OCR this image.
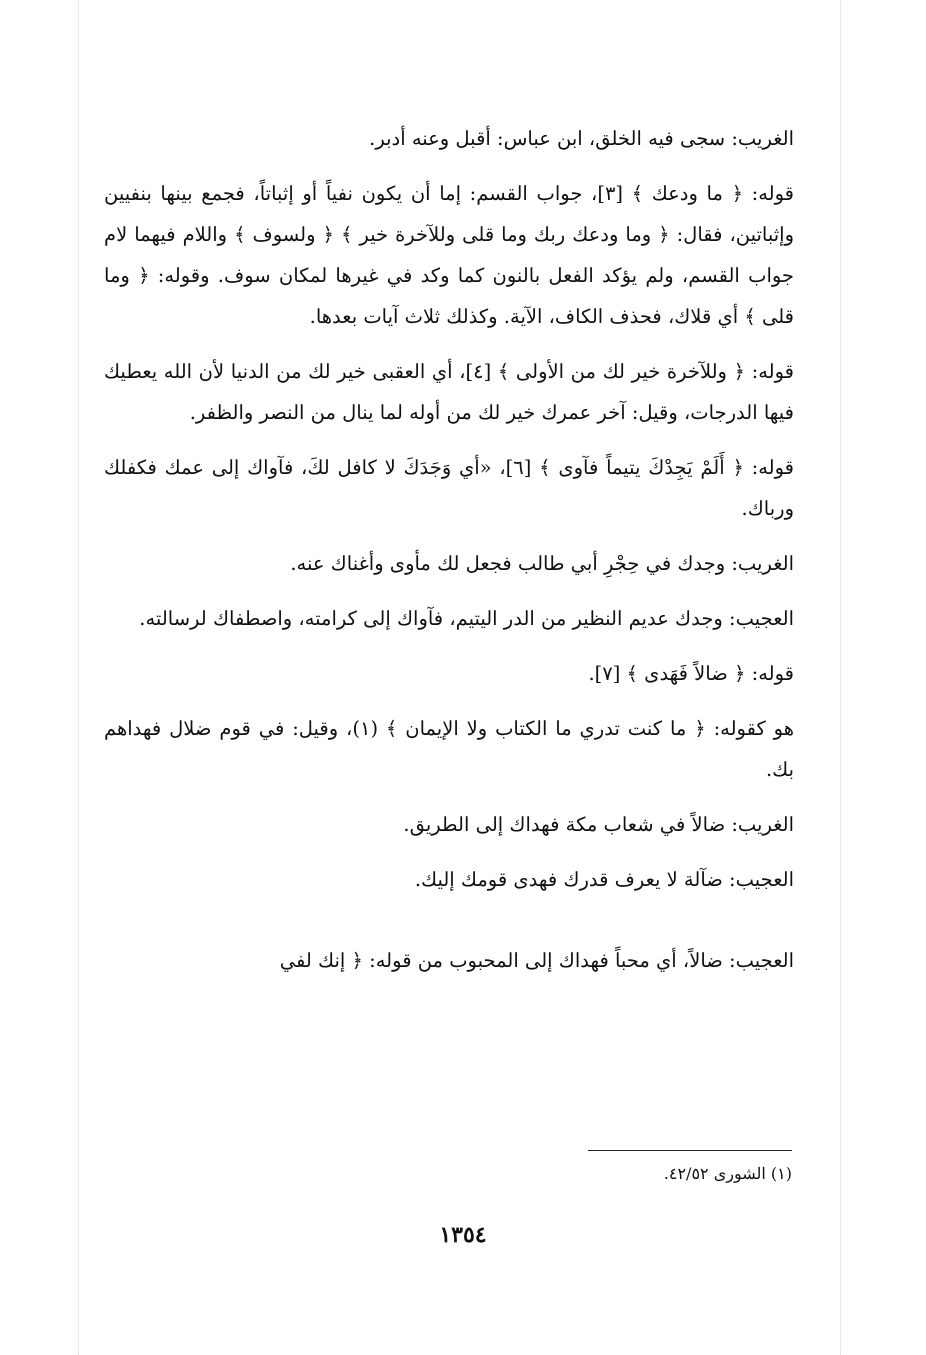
الغريب: سجى فيه الخلق، ابن عباس: أقبل وعنه أدبر.

قوله: ﴿ ما ودعك ﴾ [٣]، جواب القسم: إما أن يكون نفياً أو إثباتاً، فجمع بينها بنفيين وإثباتين، فقال: ﴿ وما ودعك ربك وما قلى وللآخرة خير ﴾ ﴿ ولسوف ﴾ واللام فيهما لام جواب القسم، ولم يؤكد الفعل بالنون كما وكد في غيرها لمكان سوف. وقوله: ﴿ وما قلى ﴾ أي قلاك، فحذف الكاف، الآية. وكذلك ثلاث آيات بعدها.

قوله: ﴿ وللآخرة خير لك من الأولى ﴾ [٤]، أي العقبى خير لك من الدنيا لأن الله يعطيك فيها الدرجات، وقيل: آخر عمرك خير لك من أوله لما ينال من النصر والظفر.

قوله: ﴿ أَلَمْ يَجِدْكَ يتيماً فآوى ﴾ [٦]، «أي وَجَدَكَ لا كافل لكَ، فآواك إلى عمك فكفلك ورباك.

الغريب: وجدك في حِجْرِ أبي طالب فجعل لك مأوى وأغناك عنه.

العجيب: وجدك عديم النظير من الدر اليتيم، فآواك إلى كرامته، واصطفاك لرسالته.

قوله: ﴿ ضالاً فَهَدى ﴾ [٧].

هو كقوله: ﴿ ما كنت تدري ما الكتاب ولا الإيمان ﴾ (١)، وقيل: في قوم ضلال فهداهم بك.

الغريب: ضالاً في شعاب مكة فهداك إلى الطريق.

العجيب: ضآلة لا يعرف قدرك فهدى قومك إليك.

العجيب: ضالاً، أي محباً فهداك إلى المحبوب من قوله: ﴿ إنك لفي

(١) الشورى ٤٢/٥٢.
١٣٥٤
